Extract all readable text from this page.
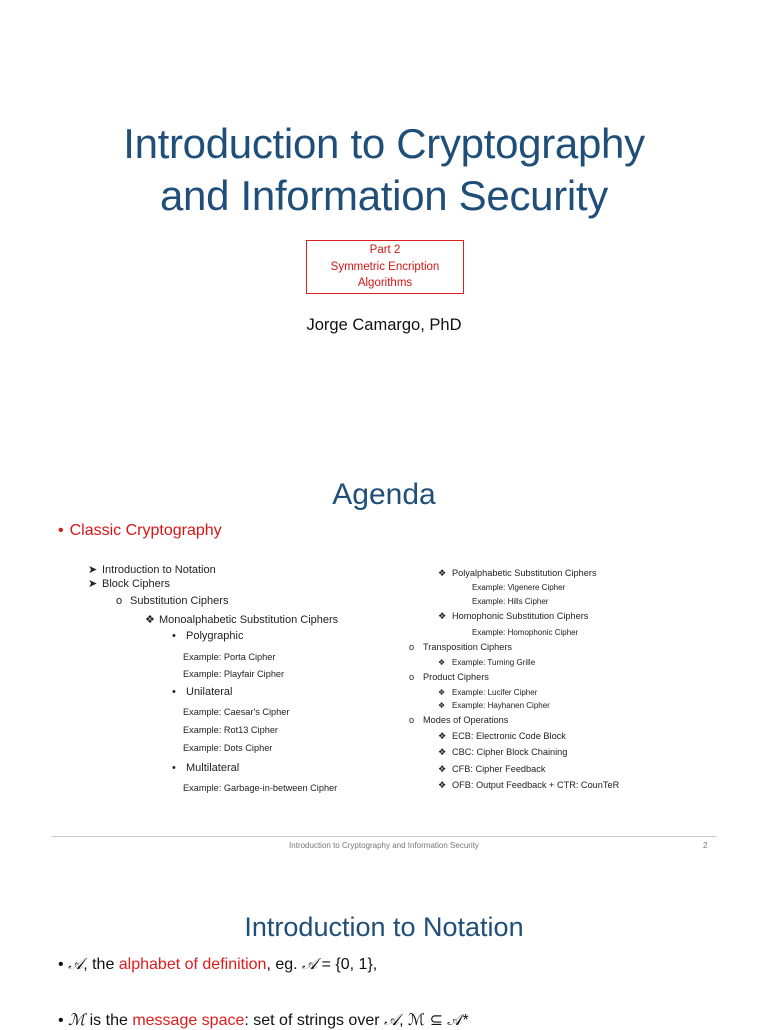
Introduction to Cryptography
and Information Security
Part 2
Symmetric Encription
Algorithms
Jorge Camargo, PhD
Agenda
• Classic Cryptography
➤ Introduction to Notation
➤ Block Ciphers
o Substitution Ciphers
❖ Monoalphabetic Substitution Ciphers
• Polygraphic
Example: Porta Cipher
Example: Playfair Cipher
• Unilateral
Example: Caesar's Cipher
Example: Rot13 Cipher
Example: Dots Cipher
• Multilateral
Example: Garbage-in-between Cipher
❖ Polyalphabetic Substitution Ciphers
Example: Vigenere Cipher
Example: Hills Cipher
❖ Homophonic Substitution Ciphers
Example: Homophonic Cipher
o Transposition Ciphers
❖ Example: Turning Grille
o Product Ciphers
❖ Example: Lucifer Cipher
❖ Example: Hayhanen Cipher
o Modes of Operations
❖ ECB: Electronic Code Block
❖ CBC: Cipher Block Chaining
❖ CFB: Cipher Feedback
❖ OFB: Output Feedback + CTR: CounTeR
Introduction to Cryptography and Information Security	2
Introduction to Notation
• 𝒜, the alphabet of definition, eg. 𝒜 = {0, 1},
• ℳ is the message space: set of strings over 𝒜, ℳ ⊆ 𝒜*
